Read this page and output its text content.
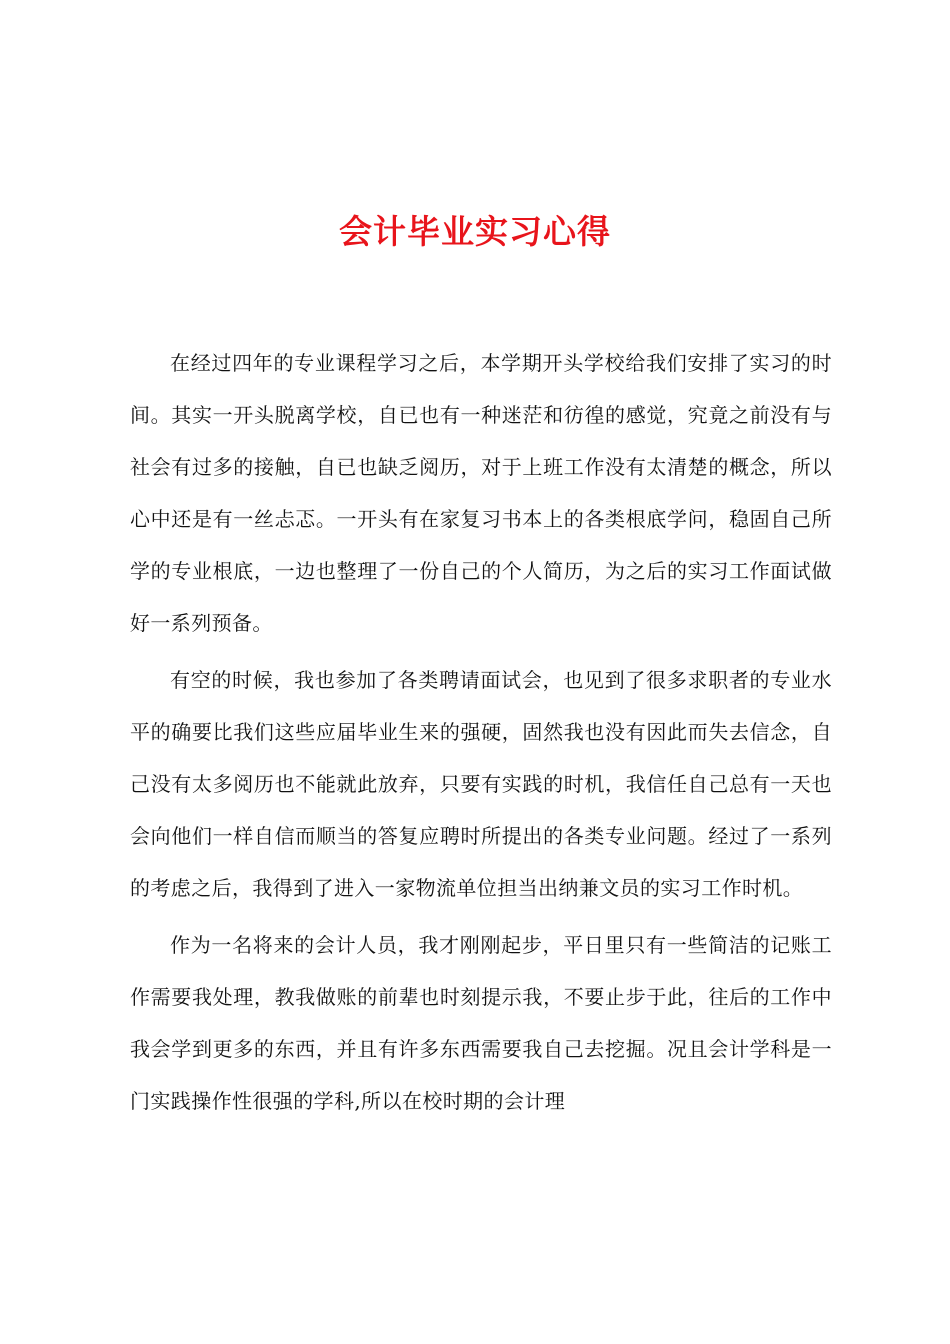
会计毕业实习心得

在经过四年的专业课程学习之后，本学期开头学校给我们安排了实习的时间。其实一开头脱离学校，自已也有一种迷茫和彷徨的感觉，究竟之前没有与社会有过多的接触，自已也缺乏阅历，对于上班工作没有太清楚的概念，所以心中还是有一丝忐忑。一开头有在家复习书本上的各类根底学问，稳固自己所学的专业根底，一边也整理了一份自己的个人简历，为之后的实习工作面试做好一系列预备。

有空的时候，我也参加了各类聘请面试会，也见到了很多求职者的专业水平的确要比我们这些应届毕业生来的强硬，固然我也没有因此而失去信念，自己没有太多阅历也不能就此放弃，只要有实践的时机，我信任自己总有一天也会向他们一样自信而顺当的答复应聘时所提出的各类专业问题。经过了一系列的考虑之后，我得到了进入一家物流单位担当出纳兼文员的实习工作时机。

作为一名将来的会计人员，我才刚刚起步，平日里只有一些简洁的记账工作需要我处理，教我做账的前辈也时刻提示我，不要止步于此，往后的工作中我会学到更多的东西，并且有许多东西需要我自己去挖掘。况且会计学科是一门实践操作性很强的学科,所以在校时期的会计理
